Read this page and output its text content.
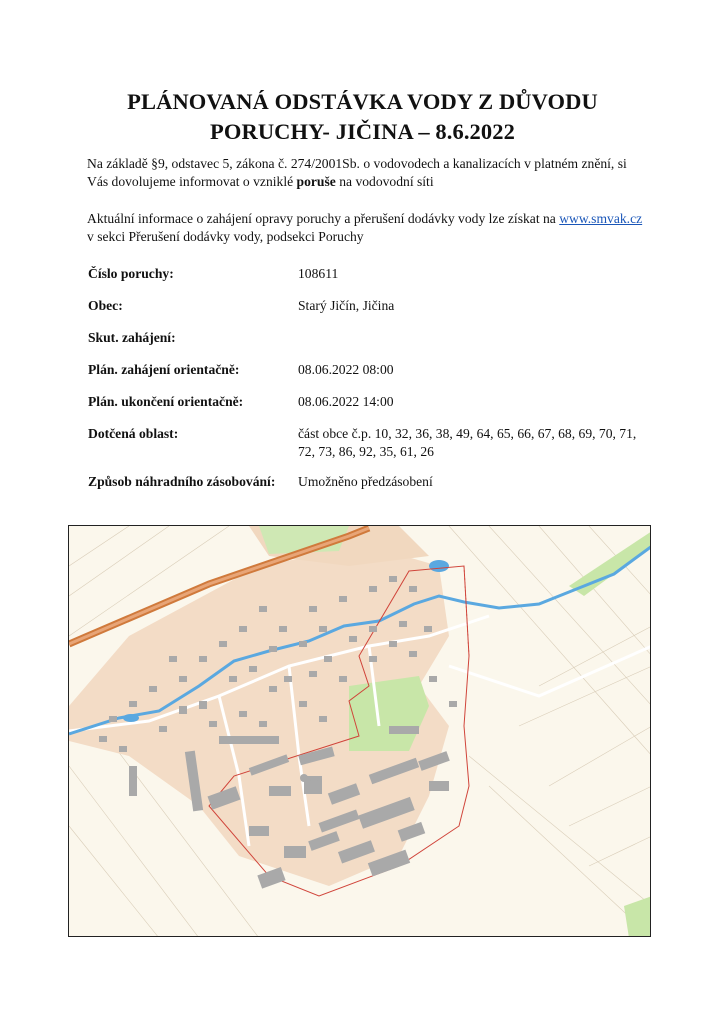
PLÁNOVANÁ ODSTÁVKA VODY Z DŮVODU
PORUCHY- JIČINA – 8.6.2022
Na základě §9, odstavec 5, zákona č. 274/2001Sb. o vodovodech a kanalizacích v platném znění, si Vás dovolujeme informovat o vzniklé poruše na vodovodní síti
Aktuální informace o zahájení opravy poruchy a přerušení dodávky vody lze získat na www.smvak.cz v sekci Přerušení dodávky vody, podsekci Poruchy
Číslo poruchy:	108611
Obec:	Starý Jičín, Jičina
Skut. zahájení:
Plán. zahájení orientačně:	08.06.2022 08:00
Plán. ukončení orientačně:	08.06.2022 14:00
Dotčená oblast:	část obce č.p. 10, 32, 36, 38, 49, 64, 65, 66, 67, 68, 69, 70, 71, 72, 73, 86, 92, 35, 61, 26
Způsob náhradního zásobování:	Umožněno předzásobení
